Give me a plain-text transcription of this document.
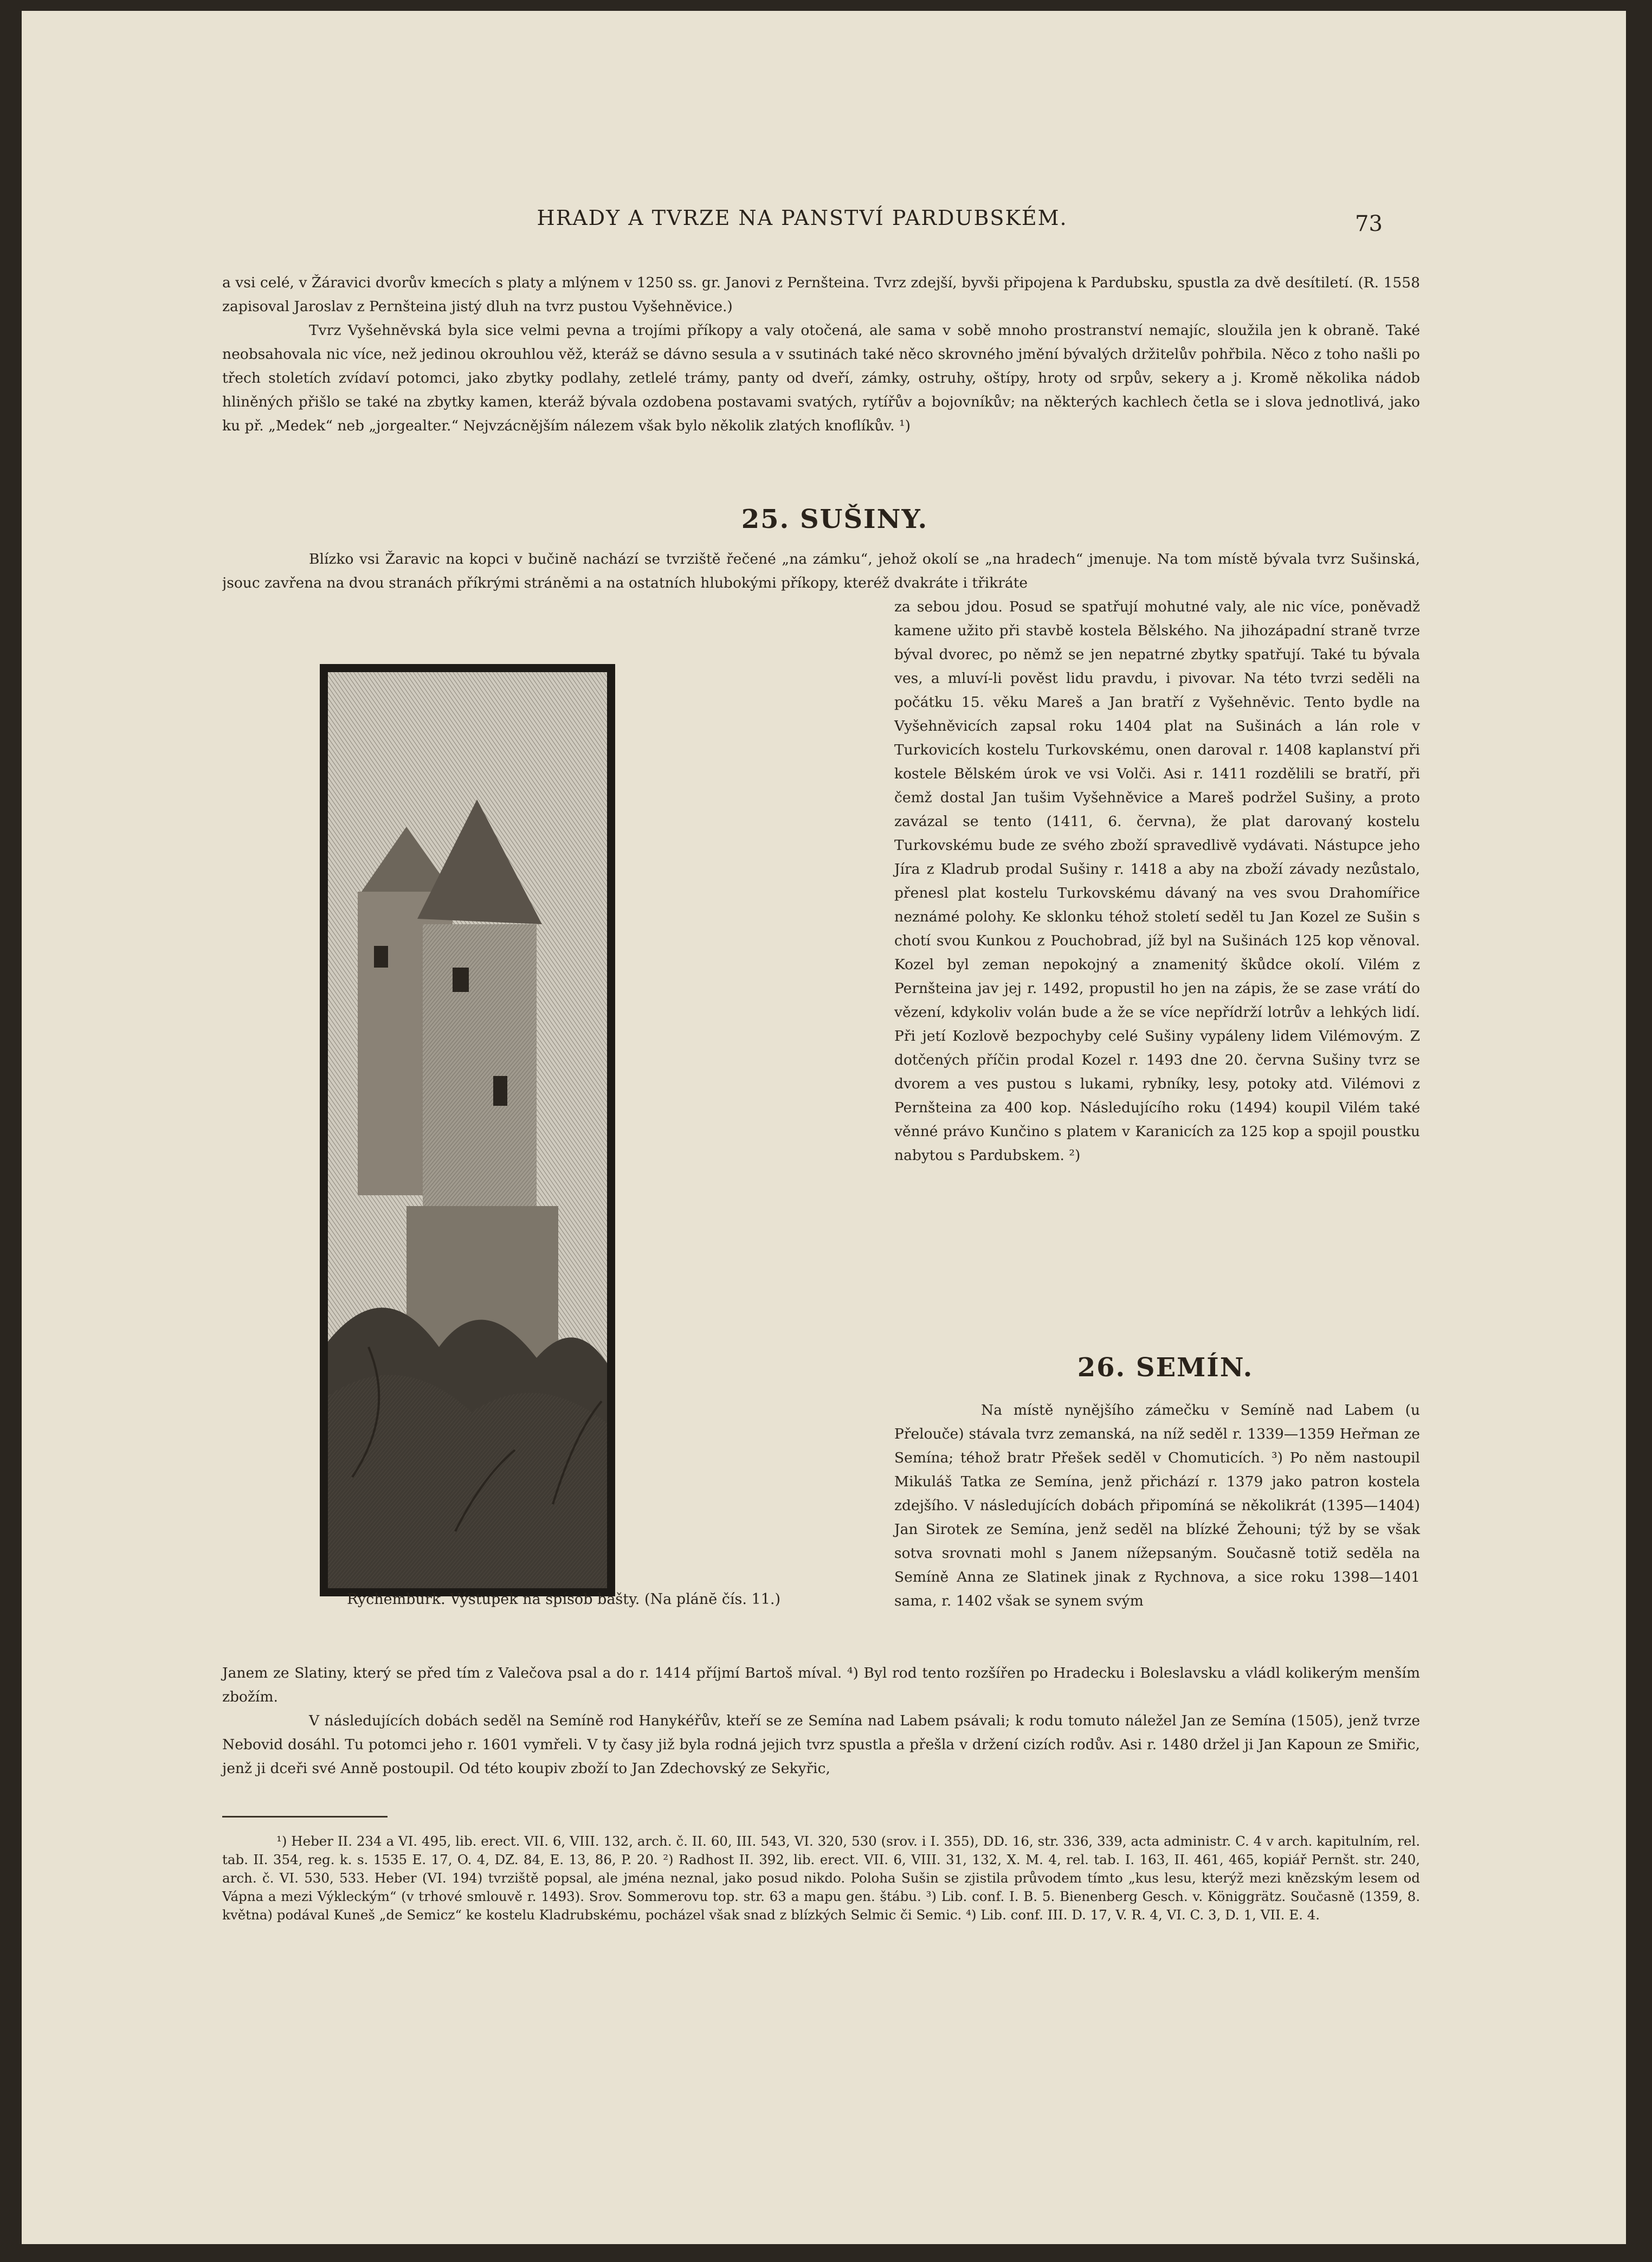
HRADY A TVRZE NA PANSTVÍ PARDUBSKÉM.	73

a vsi celé, v Žáravici dvorův kmecích s platy a mlýnem v 1250 ss. gr. Janovi z Pernšteina. Tvrz zdejší, byvši připojena k Pardubsku, spustla za dvě desítiletí. (R. 1558 zapisoval Jaroslav z Pernšteina jistý dluh na tvrz pustou Vyšehněvice.)

Tvrz Vyšehněvská byla sice velmi pevna a trojími příkopy a valy otočená, ale sama v sobě mnoho prostranství nemajíc, sloužila jen k obraně. Také neobsahovala nic více, než jedinou okrouhlou věž, kteráž se dávno sesula a v ssutinách také něco skrovného jmění bývalých držitelův pohřbila. Něco z toho našli po třech stoletích zvídaví potomci, jako zbytky podlahy, zetlelé trámy, panty od dveří, zámky, ostruhy, oštípy, hroty od srpův, sekery a j. Kromě několika nádob hliněných přišlo se také na zbytky kamen, kteráž bývala ozdobena postavami svatých, rytířův a bojovníkův; na některých kachlech četla se i slova jednotlivá, jako ku př. „Medek“ neb „jorgealter.“ Nejvzácnějším nálezem však bylo několik zlatých knoflíkův. ¹)

25. SUŠINY.

Blízko vsi Žaravic na kopci v bučině nachází se tvrziště řečené „na zámku“, jehož okolí se „na hradech“ jmenuje. Na tom místě bývala tvrz Sušinská, jsouc zavřena na dvou stranách příkrými stráněmi a na ostatních hlubokými příkopy, kteréž dvakráte i třikráte

za sebou jdou. Posud se spatřují mohutné valy, ale nic více, poněvadž kamene užito při stavbě kostela Bělského. Na jihozápadní straně tvrze býval dvorec, po němž se jen nepatrné zbytky spatřují. Také tu bývala ves, a mluví-li pověst lidu pravdu, i pivovar. Na této tvrzi seděli na počátku 15. věku Mareš a Jan bratří z Vyšehněvic. Tento bydle na Vyšehněvicích zapsal roku 1404 plat na Sušinách a lán role v Turkovicích kostelu Turkovskému, onen daroval r. 1408 kaplanství při kostele Bělském úrok ve vsi Volči. Asi r. 1411 rozdělili se bratří, při čemž dostal Jan tušim Vyšehněvice a Mareš podržel Sušiny, a proto zavázal se tento (1411, 6. června), že plat darovaný kostelu Turkovskému bude ze svého zboží spravedlivě vydávati. Nástupce jeho Jíra z Kladrub prodal Sušiny r. 1418 a aby na zboží závady nezůstalo, přenesl plat kostelu Turkovskému dávaný na ves svou Drahomířice neznámé polohy. Ke sklonku téhož století seděl tu Jan Kozel ze Sušin s chotí svou Kunkou z Pouchobrad, jíž byl na Sušinách 125 kop věnoval. Kozel byl zeman nepokojný a znamenitý škůdce okolí. Vilém z Pernšteina jav jej r. 1492, propustil ho jen na zápis, že se zase vrátí do vězení, kdykoliv volán bude a že se více nepřídrží lotrův a lehkých lidí. Při jetí Kozlově bezpochyby celé Sušiny vypáleny lidem Vilémovým. Z dotčených příčin prodal Kozel r. 1493 dne 20. června Sušiny tvrz se dvorem a ves pustou s lukami, rybníky, lesy, potoky atd. Vilémovi z Pernšteina za 400 kop. Následujícího roku (1494) koupil Vilém také věnné právo Kunčino s platem v Karanicích za 125 kop a spojil poustku nabytou s Pardubskem. ²)

Rychemburk. Výstupek na spísob bašty. (Na plánĕ čís. 11.)
26. SEMÍN.

Na místě nynějšího zámečku v Semíně nad Labem (u Přelouče) stávala tvrz zemanská, na níž seděl r. 1339—1359 Heřman ze Semína; téhož bratr Přešek seděl v Chomuticích. ³) Po něm nastoupil Mikuláš Tatka ze Semína, jenž přichází r. 1379 jako patron kostela zdejšího. V následujících dobách připomíná se několikrát (1395—1404) Jan Sirotek ze Semína, jenž seděl na blízké Žehouni; týž by se však sotva srovnati mohl s Janem nížepsaným. Současně totiž seděla na Semíně Anna ze Slatinek jinak z Rychnova, a sice roku 1398—1401 sama, r. 1402 však se synem svým

Janem ze Slatiny, který se před tím z Valečova psal a do r. 1414 příjmí Bartoš míval. ⁴) Byl rod tento rozšířen po Hradecku i Boleslavsku a vládl kolikerým menším zbožím.

V následujících dobách seděl na Semíně rod Hanykéřův, kteří se ze Semína nad Labem psávali; k rodu tomuto náležel Jan ze Semína (1505), jenž tvrze Nebovid dosáhl. Tu potomci jeho r. 1601 vymřeli. V ty časy již byla rodná jejich tvrz spustla a přešla v držení cizích rodův. Asi r. 1480 držel ji Jan Kapoun ze Smiřic, jenž ji dceři své Anně postoupil. Od této koupiv zboží to Jan Zdechovský ze Sekyřic,

¹) Heber II. 234 a VI. 495, lib. erect. VII. 6, VIII. 132, arch. č. II. 60, III. 543, VI. 320, 530 (srov. i I. 355), DD. 16, str. 336, 339, acta administr. C. 4 v arch. kapitulním, rel. tab. II. 354, reg. k. s. 1535 E. 17, O. 4, DZ. 84, E. 13, 86, P. 20. ²) Radhost II. 392, lib. erect. VII. 6, VIII. 31, 132, X. M. 4, rel. tab. I. 163, II. 461, 465, kopiář Pernšt. str. 240, arch. č. VI. 530, 533. Heber (VI. 194) tvrziště popsal, ale jména neznal, jako posud nikdo. Poloha Sušin se zjistila průvodem tímto „kus lesu, kterýž mezi knězským lesem od Vápna a mezi Výkleckým“ (v trhové smlouvě r. 1493). Srov. Sommerovu top. str. 63 a mapu gen. štábu. ³) Lib. conf. I. B. 5. Bienenberg Gesch. v. Königgrätz. Současně (1359, 8. května) podával Kuneš „de Semicz“ ke kostelu Kladrubskému, pocházel však snad z blízkých Selmic či Semic. ⁴) Lib. conf. III. D. 17, V. R. 4, VI. C. 3, D. 1, VII. E. 4.
